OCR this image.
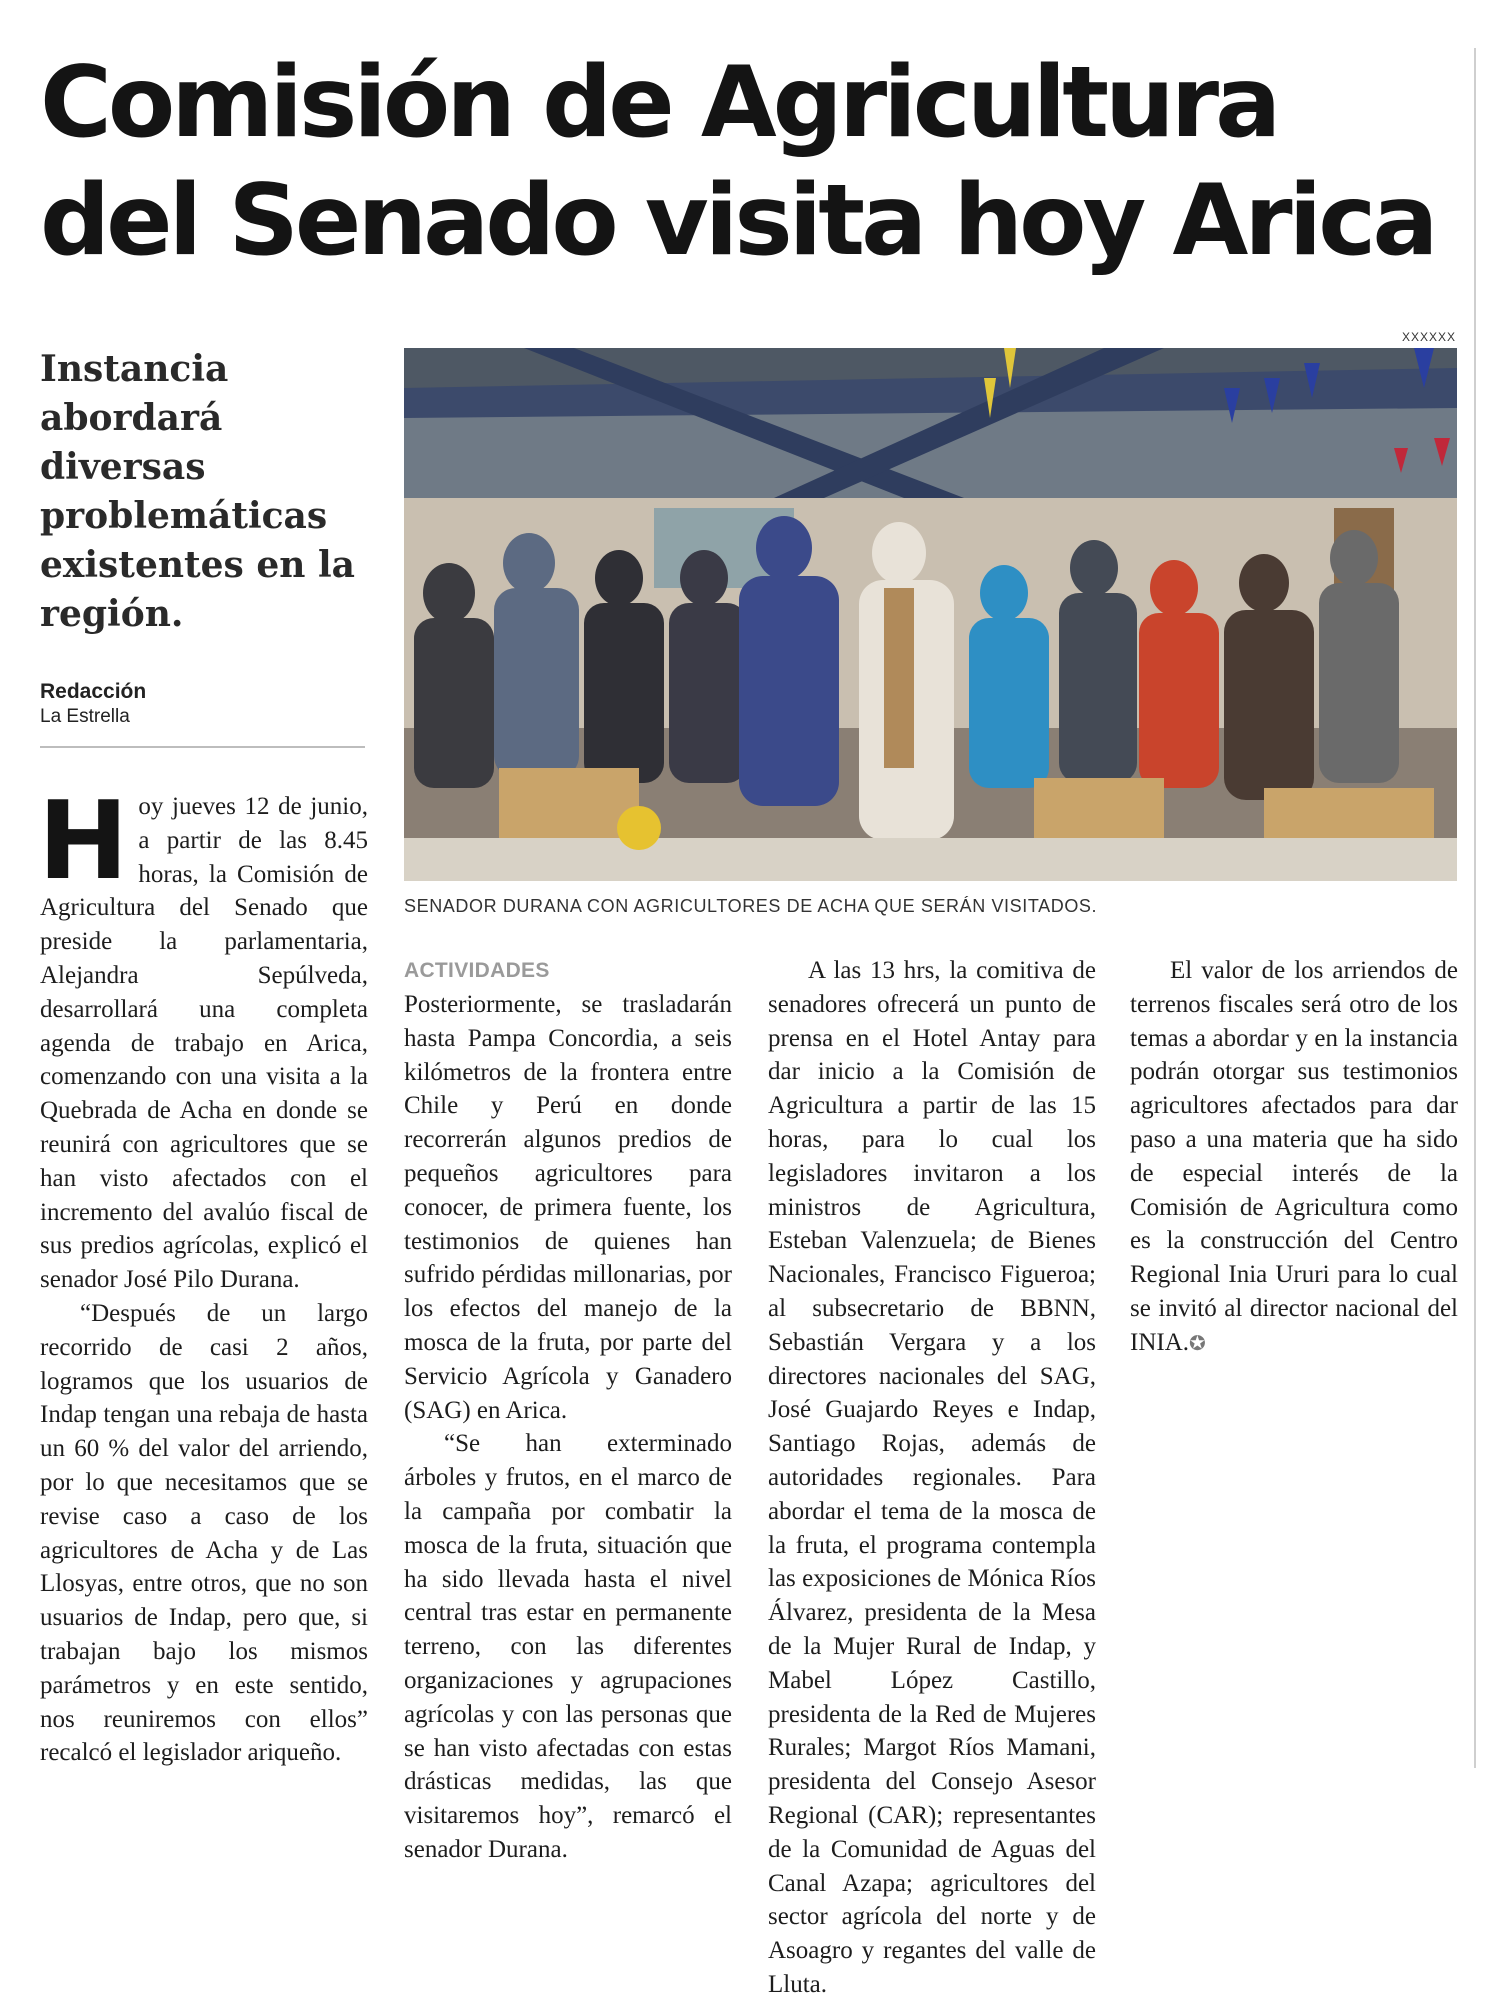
Comisión de Agricultura
del Senado visita hoy Arica
Instancia abordará diversas problemáticas existentes en la región.
Redacción
La Estrella
XXXXXX
SENADOR DURANA CON AGRICULTORES DE ACHA QUE SERÁN VISITADOS.

Hoy jueves 12 de junio, a partir de las 8.45 horas, la Comisión de Agricultura del Senado que preside la parlamentaria, Alejandra Sepúlveda, desarrollará una completa agenda de trabajo en Arica, comenzando con una visita a la Quebrada de Acha en donde se reunirá con agricultores que se han visto afectados con el incremento del avalúo fiscal de sus predios agrícolas, explicó el senador José Pilo Durana.

“Después de un largo recorrido de casi 2 años, logramos que los usuarios de Indap tengan una rebaja de hasta un 60 % del valor del arriendo, por lo que necesitamos que se revise caso a caso de los agricultores de Acha y de Las Llosyas, entre otros, que no son usuarios de Indap, pero que, si trabajan bajo los mismos parámetros y en este sentido, nos reuniremos con ellos” recalcó el legislador ariqueño.

ACTIVIDADES

Posteriormente, se trasladarán hasta Pampa Concordia, a seis kilómetros de la frontera entre Chile y Perú en donde recorrerán algunos predios de pequeños agricultores para conocer, de primera fuente, los testimonios de quienes han sufrido pérdidas millonarias, por los efectos del manejo de la mosca de la fruta, por parte del Servicio Agrícola y Ganadero (SAG) en Arica.

“Se han exterminado árboles y frutos, en el marco de la campaña por combatir la mosca de la fruta, situación que ha sido llevada hasta el nivel central tras estar en permanente terreno, con las diferentes organizaciones y agrupaciones agrícolas y con las personas que se han visto afectadas con estas drásticas medidas, las que visitaremos hoy”, remarcó el senador Durana.

A las 13 hrs, la comitiva de senadores ofrecerá un punto de prensa en el Hotel Antay para dar inicio a la Comisión de Agricultura a partir de las 15 horas, para lo cual los legisladores invitaron a los ministros de Agricultura, Esteban Valenzuela; de Bienes Nacionales, Francisco Figueroa; al subsecretario de BBNN, Sebastián Vergara y a los directores nacionales del SAG, José Guajardo Reyes e Indap, Santiago Rojas, además de autoridades regionales. Para abordar el tema de la mosca de la fruta, el programa contempla las exposiciones de Mónica Ríos Álvarez, presidenta de la Mesa de la Mujer Rural de Indap, y Mabel López Castillo, presidenta de la Red de Mujeres Rurales; Margot Ríos Mamani, presidenta del Consejo Asesor Regional (CAR); representantes de la Comunidad de Aguas del Canal Azapa; agricultores del sector agrícola del norte y de Asoagro y regantes del valle de Lluta.

El valor de los arriendos de terrenos fiscales será otro de los temas a abordar y en la instancia podrán otorgar sus testimonios agricultores afectados para dar paso a una materia que ha sido de especial interés de la Comisión de Agricultura como es la construcción del Centro Regional Inia Ururi para lo cual se invitó al director nacional del INIA.✪
